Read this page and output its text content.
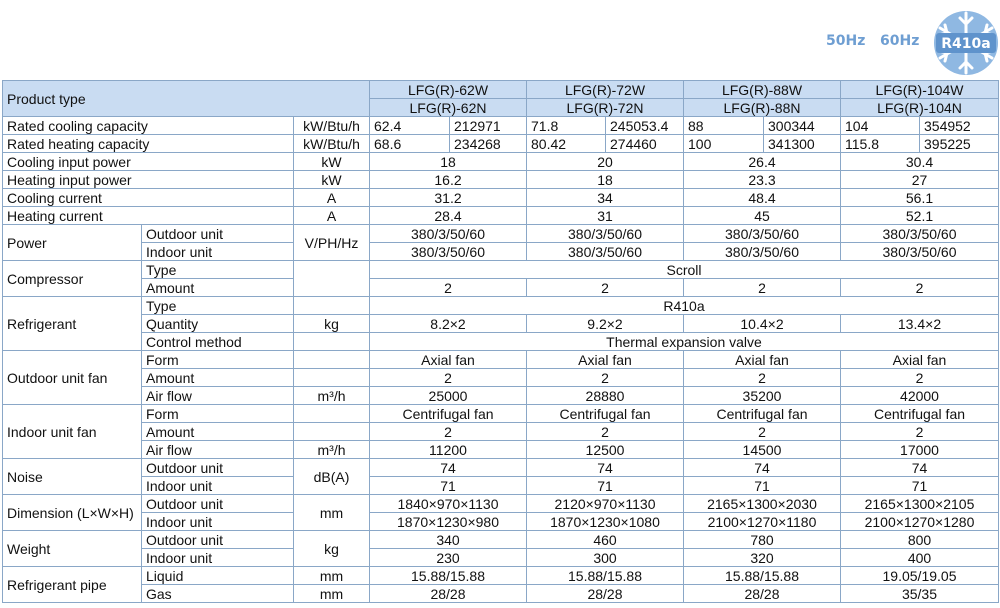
50Hz 60Hz R410a
Product type			LFG(R)-62W		LFG(R)-72W		LFG(R)-88W		LFG(R)-104W	
			LFG(R)-62N		LFG(R)-72N		LFG(R)-88N		LFG(R)-104N	
Rated cooling capacity		kW/Btu/h	62.4	212971	71.8	245053.4	88	300344	104	354952
Rated heating capacity		kW/Btu/h	68.6	234268	80.42	274460	100	341300	115.8	395225
Cooling input power		kW	18		20		26.4		30.4	
Heating input power		kW	16.2		18		23.3		27	
Cooling current		A	31.2		34		48.4		56.1	
Heating current		A	28.4		31		45		52.1	
Power	Outdoor unit	V/PH/Hz	380/3/50/60		380/3/50/60		380/3/50/60		380/3/50/60	
	Indoor unit		380/3/50/60		380/3/50/60		380/3/50/60		380/3/50/60	
Compressor	Type		Scroll							
	Amount		2		2		2		2	
Refrigerant	Type		R410a							
	Quantity	kg	8.2×2		9.2×2		10.4×2		13.4×2	
	Control method		Thermal expansion valve							
Outdoor unit fan	Form		Axial fan		Axial fan		Axial fan		Axial fan	
	Amount		2		2		2		2	
	Air flow	m³/h	25000		28880		35200		42000	
Indoor unit fan	Form		Centrifugal fan		Centrifugal fan		Centrifugal fan		Centrifugal fan	
	Amount		2		2		2		2	
	Air flow	m³/h	11200		12500		14500		17000	
Noise	Outdoor unit	dB(A)	74		74		74		74	
	Indoor unit		71		71		71		71	
Dimension (L×W×H)	Outdoor unit	mm	1840×970×1130		2120×970×1130		2165×1300×2030		2165×1300×2105	
	Indoor unit		1870×1230×980		1870×1230×1080		2100×1270×1180		2100×1270×1280	
Weight	Outdoor unit	kg	340		460		780		800	
	Indoor unit		230		300		320		400	
Refrigerant pipe	Liquid	mm	15.88/15.88		15.88/15.88		15.88/15.88		19.05/19.05	
	Gas	mm	28/28		28/28		28/28		35/35	
